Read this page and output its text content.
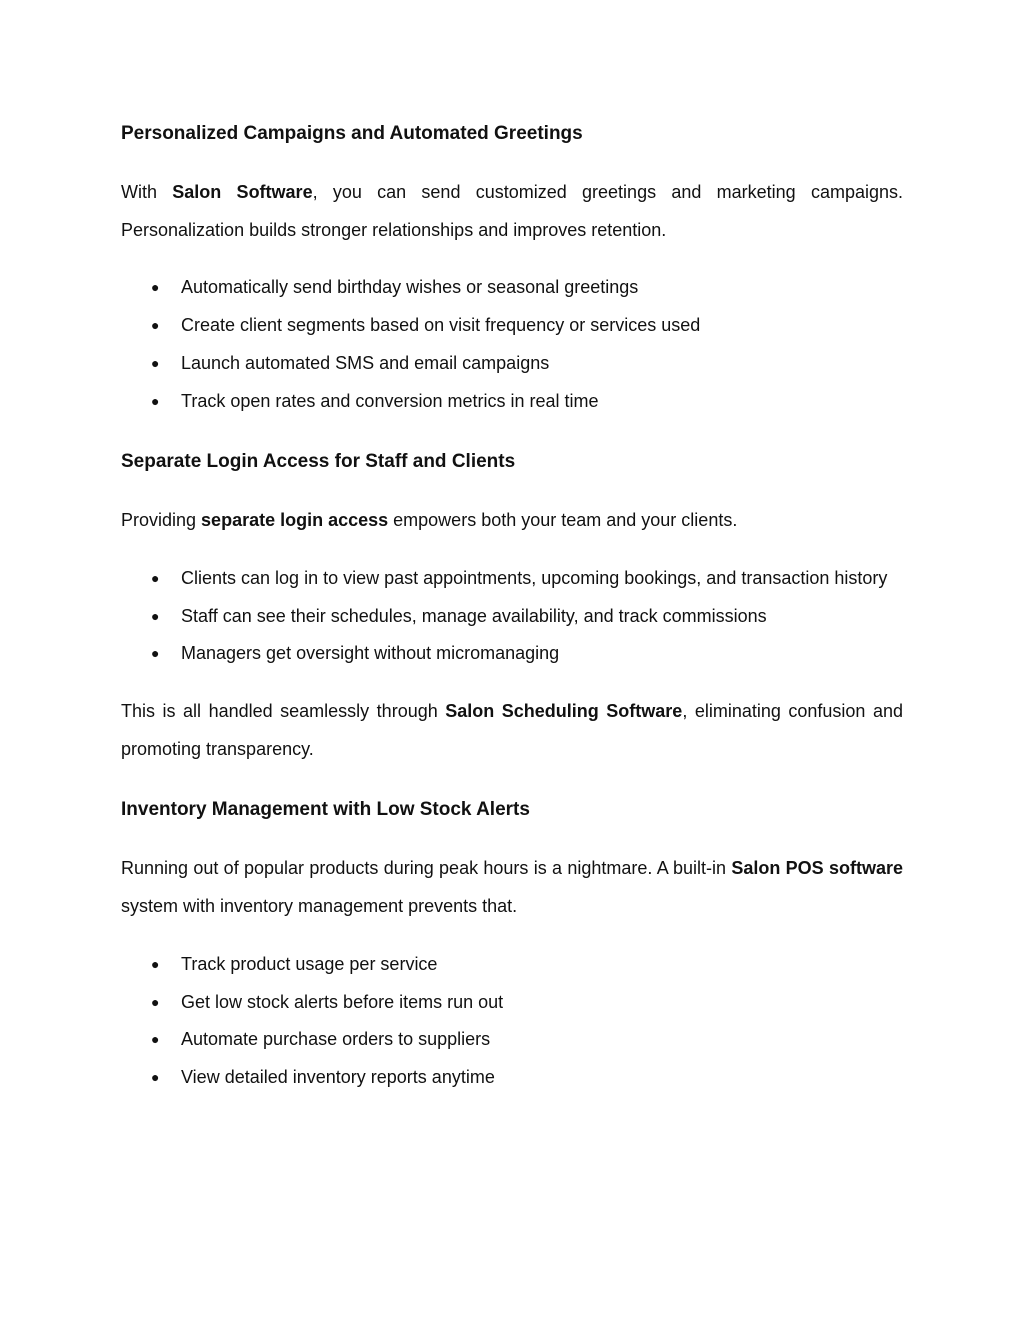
Personalized Campaigns and Automated Greetings

With Salon Software, you can send customized greetings and marketing campaigns. Personalization builds stronger relationships and improves retention.

● Automatically send birthday wishes or seasonal greetings
● Create client segments based on visit frequency or services used
● Launch automated SMS and email campaigns
● Track open rates and conversion metrics in real time
Separate Login Access for Staff and Clients

Providing separate login access empowers both your team and your clients.

● Clients can log in to view past appointments, upcoming bookings, and transaction history
● Staff can see their schedules, manage availability, and track commissions
● Managers get oversight without micromanaging

This is all handled seamlessly through Salon Scheduling Software, eliminating confusion and promoting transparency.

Inventory Management with Low Stock Alerts

Running out of popular products during peak hours is a nightmare. A built-in Salon POS software system with inventory management prevents that.

● Track product usage per service
● Get low stock alerts before items run out
● Automate purchase orders to suppliers
● View detailed inventory reports anytime
